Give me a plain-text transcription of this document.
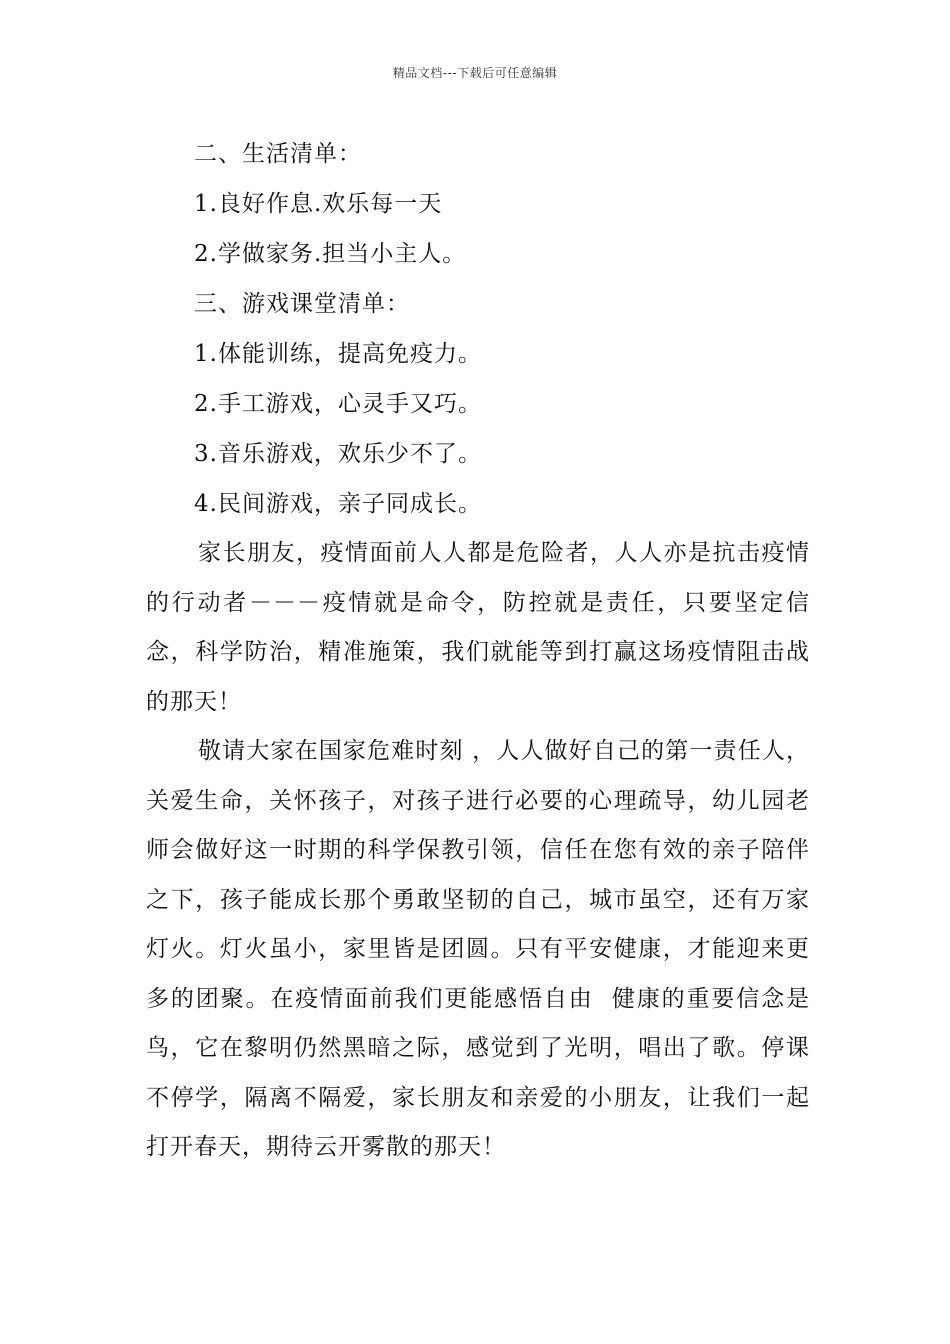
精品文档---下载后可任意编辑
二、生活清单：
1.良好作息.欢乐每一天
2.学做家务.担当小主人。
三、游戏课堂清单：
1.体能训练，提高免疫力。
2.手工游戏，心灵手又巧。
3.音乐游戏，欢乐少不了。
4.民间游戏，亲子同成长。

家长朋友，疫情面前人人都是危险者，人人亦是抗击疫情的行动者－－－疫情就是命令，防控就是责任，只要坚定信念，科学防治，精准施策，我们就能等到打赢这场疫情阻击战的那天！

敬请大家在国家危难时刻 ，人人做好自己的第一责任人，关爱生命，关怀孩子，对孩子进行必要的心理疏导，幼儿园老师会做好这一时期的科学保教引领，信任在您有效的亲子陪伴之下，孩子能成长那个勇敢坚韧的自己，城市虽空，还有万家灯火。灯火虽小，家里皆是团圆。只有平安健康，才能迎来更多的团聚。在疫情面前我们更能感悟自由  健康的重要信念是鸟，它在黎明仍然黑暗之际，感觉到了光明，唱出了歌。停课不停学，隔离不隔爱，家长朋友和亲爱的小朋友，让我们一起打开春天，期待云开雾散的那天！
